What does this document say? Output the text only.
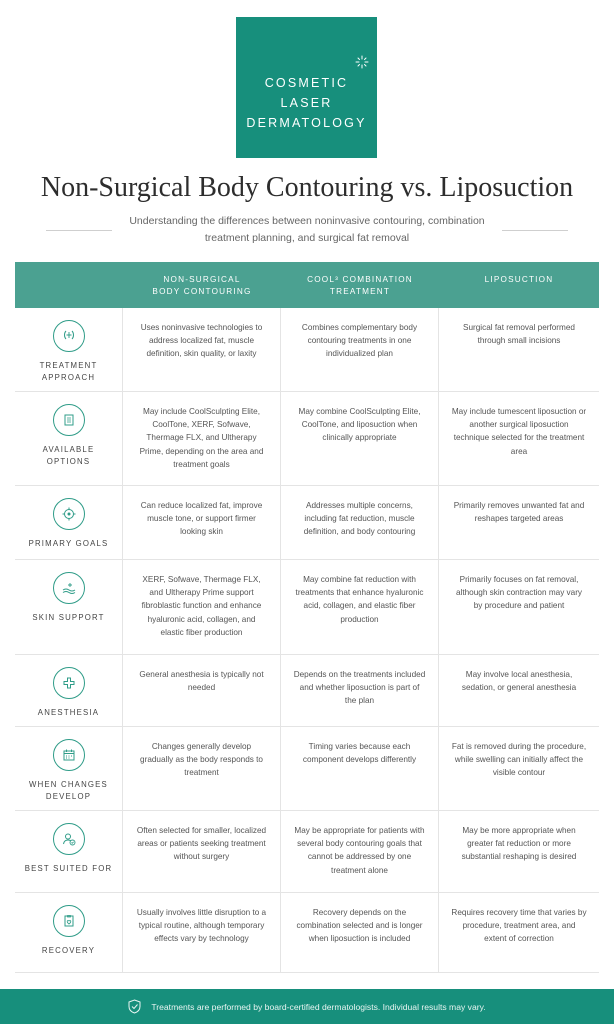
COSMETIC
LASER
DERMATOLOGY
Non-Surgical Body Contouring vs. Liposuction
Understanding the differences between noninvasive contouring, combination treatment planning, and surgical fat removal
NON-SURGICAL
BODY CONTOURING
COOL³ COMBINATION
TREATMENT
LIPOSUCTION
TREATMENT APPROACH
Uses noninvasive technologies to address localized fat, muscle definition, skin quality, or laxity
Combines complementary body contouring treatments in one individualized plan
Surgical fat removal performed through small incisions
AVAILABLE OPTIONS
May include CoolSculpting Elite, CoolTone, XERF, Sofwave, Thermage FLX, and Ultherapy Prime, depending on the area and treatment goals
May combine CoolSculpting Elite, CoolTone, and liposuction when clinically appropriate
May include tumescent liposuction or another surgical liposuction technique selected for the treatment area
PRIMARY GOALS
Can reduce localized fat, improve muscle tone, or support firmer looking skin
Addresses multiple concerns, including fat reduction, muscle definition, and body contouring
Primarily removes unwanted fat and reshapes targeted areas
SKIN SUPPORT
XERF, Sofwave, Thermage FLX, and Ultherapy Prime support fibroblastic function and enhance hyaluronic acid, collagen, and elastic fiber production
May combine fat reduction with treatments that enhance hyaluronic acid, collagen, and elastic fiber production
Primarily focuses on fat removal, although skin contraction may vary by procedure and patient
ANESTHESIA
General anesthesia is typically not needed
Depends on the treatments included and whether liposuction is part of the plan
May involve local anesthesia, sedation, or general anesthesia
WHEN CHANGES DEVELOP
Changes generally develop gradually as the body responds to treatment
Timing varies because each component develops differently
Fat is removed during the procedure, while swelling can initially affect the visible contour
BEST SUITED FOR
Often selected for smaller, localized areas or patients seeking treatment without surgery
May be appropriate for patients with several body contouring goals that cannot be addressed by one treatment alone
May be more appropriate when greater fat reduction or more substantial reshaping is desired
RECOVERY
Usually involves little disruption to a typical routine, although temporary effects vary by technology
Recovery depends on the combination selected and is longer when liposuction is included
Requires recovery time that varies by procedure, treatment area, and extent of correction
Treatments are performed by board-certified dermatologists. Individual results may vary.
